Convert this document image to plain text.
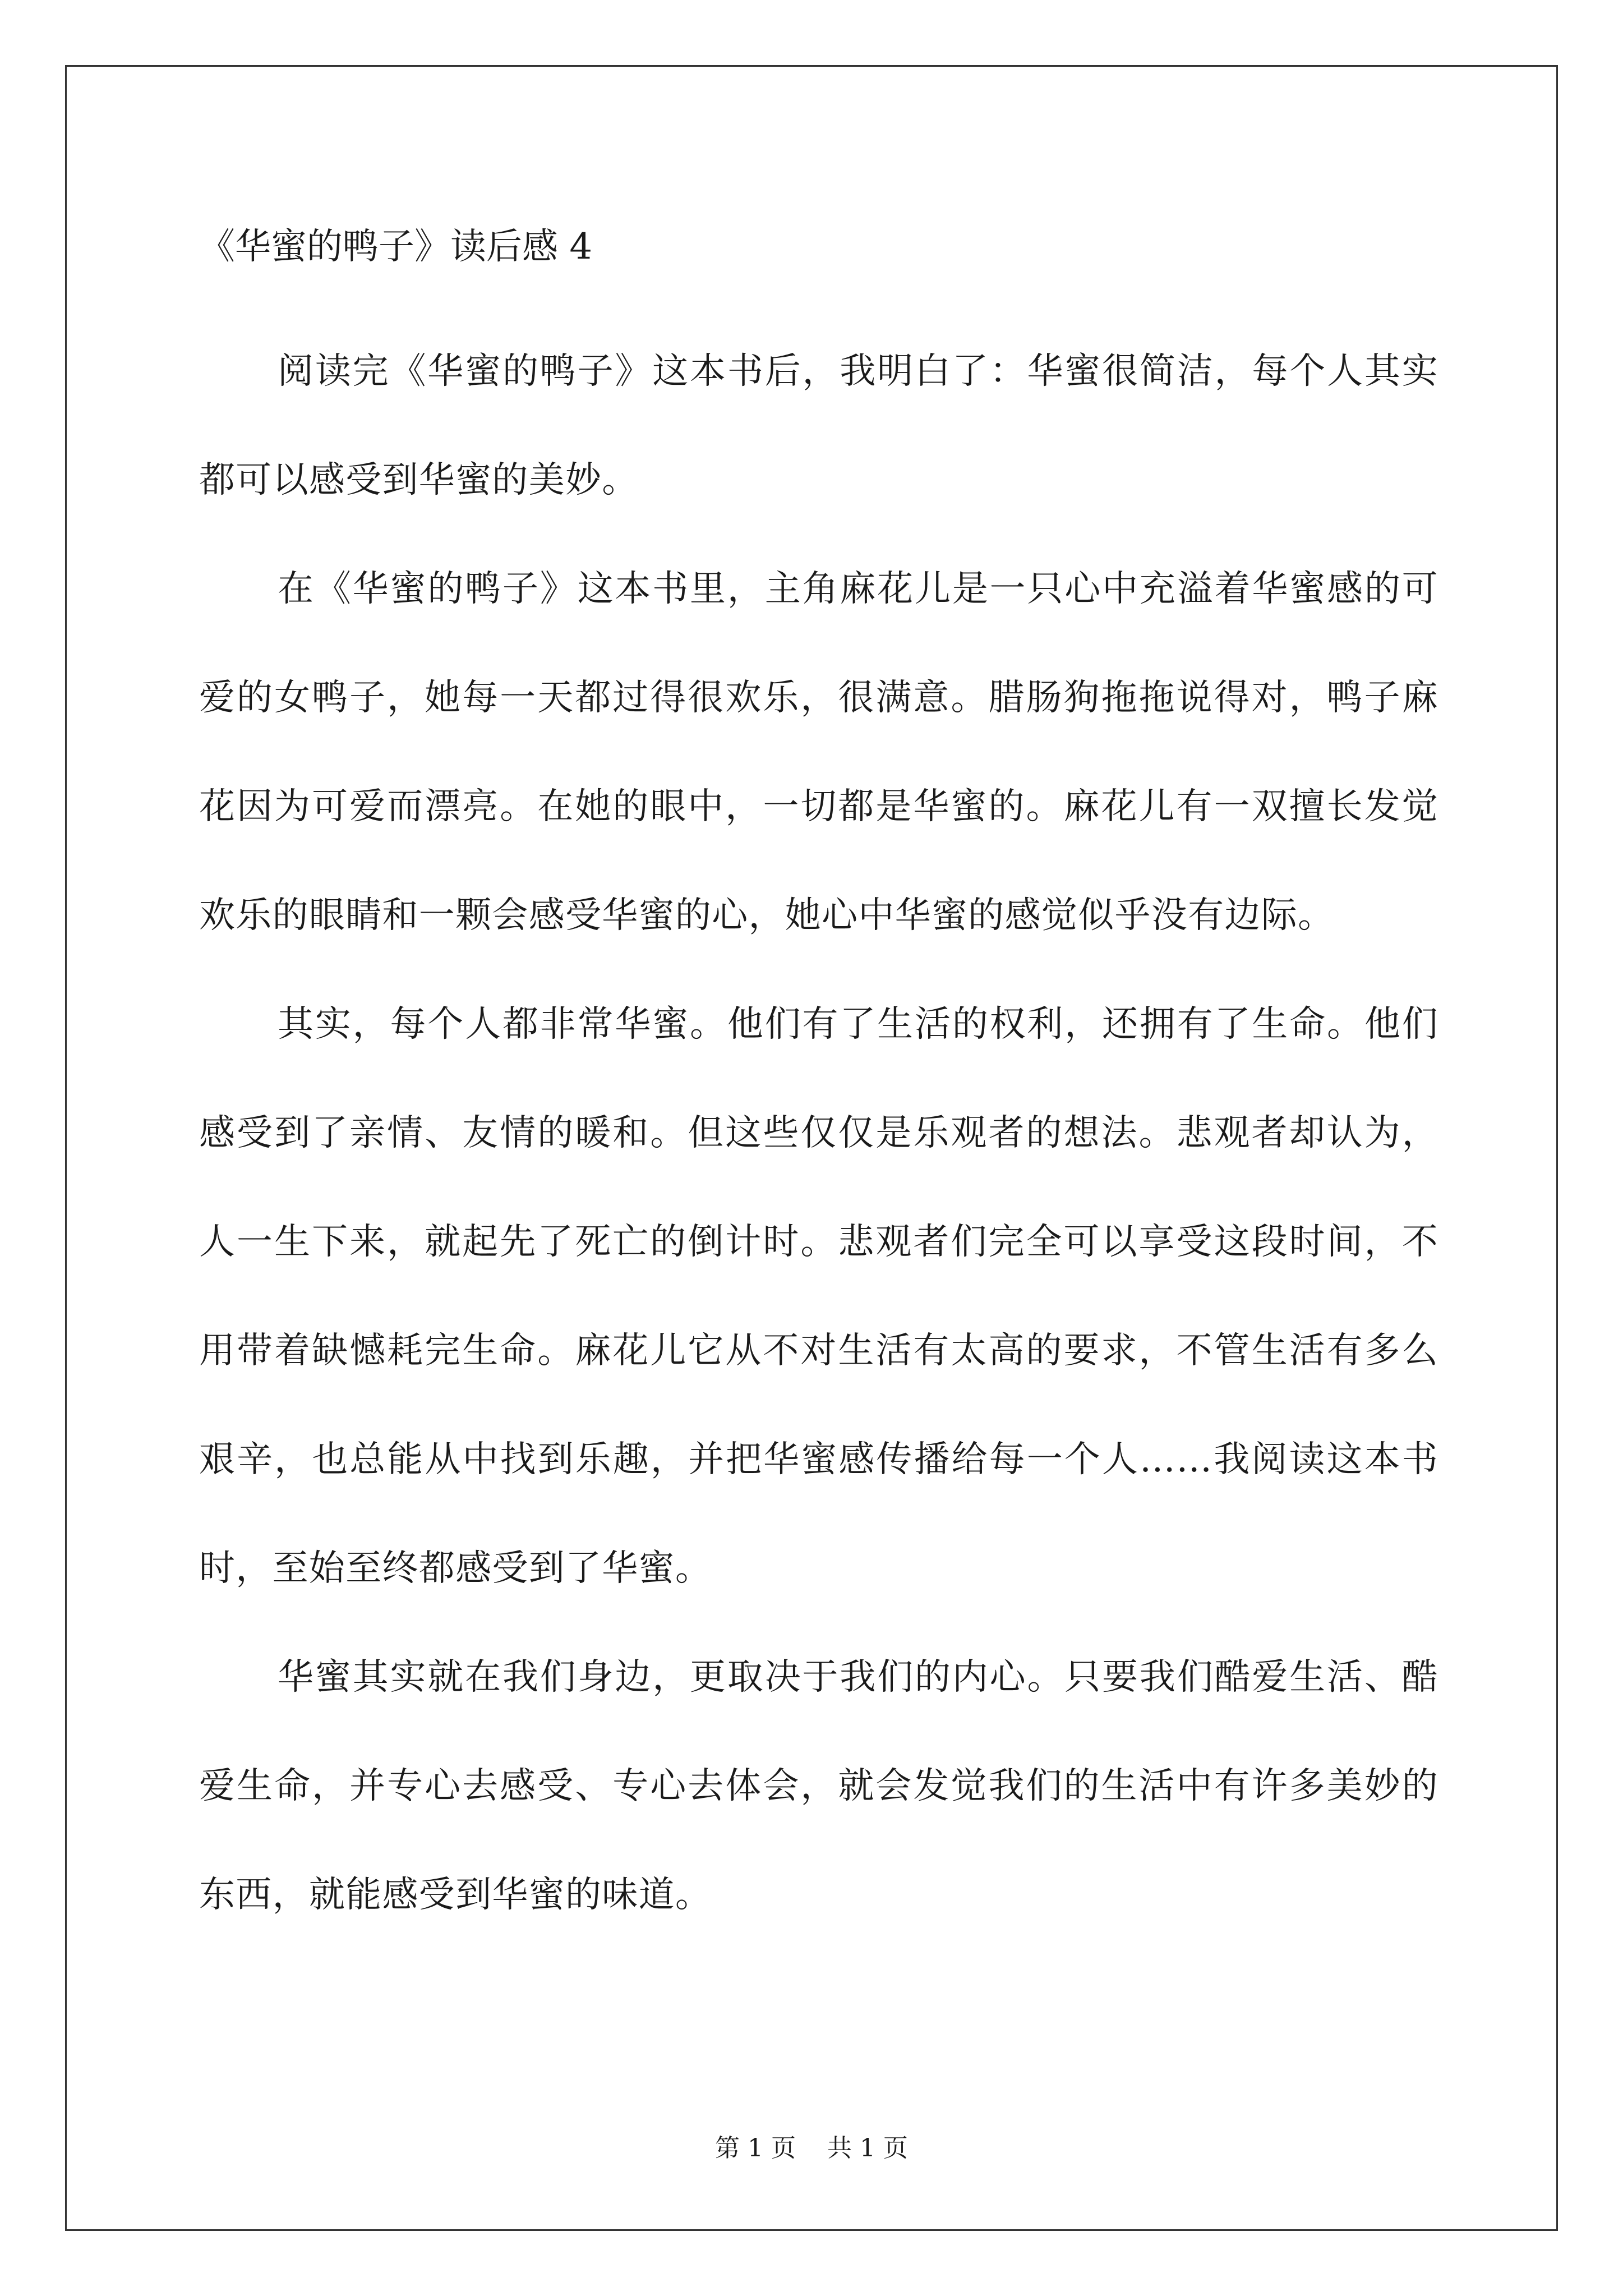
《华蜜的鸭子》读后感 4

阅读完《华蜜的鸭子》这本书后，我明白了：华蜜很简洁，每个人其实都可以感受到华蜜的美妙。

在《华蜜的鸭子》这本书里，主角麻花儿是一只心中充溢着华蜜感的可爱的女鸭子，她每一天都过得很欢乐，很满意。腊肠狗拖拖说得对，鸭子麻花因为可爱而漂亮。在她的眼中，一切都是华蜜的。麻花儿有一双擅长发觉欢乐的眼睛和一颗会感受华蜜的心，她心中华蜜的感觉似乎没有边际。

其实，每个人都非常华蜜。他们有了生活的权利，还拥有了生命。他们感受到了亲情、友情的暖和。但这些仅仅是乐观者的想法。悲观者却认为，人一生下来，就起先了死亡的倒计时。悲观者们完全可以享受这段时间，不用带着缺憾耗完生命。麻花儿它从不对生活有太高的要求，不管生活有多么艰辛，也总能从中找到乐趣，并把华蜜感传播给每一个人……我阅读这本书时，至始至终都感受到了华蜜。

华蜜其实就在我们身边，更取决于我们的内心。只要我们酷爱生活、酷爱生命，并专心去感受、专心去体会，就会发觉我们的生活中有许多美妙的东西，就能感受到华蜜的味道。

第 1 页    共 1 页
